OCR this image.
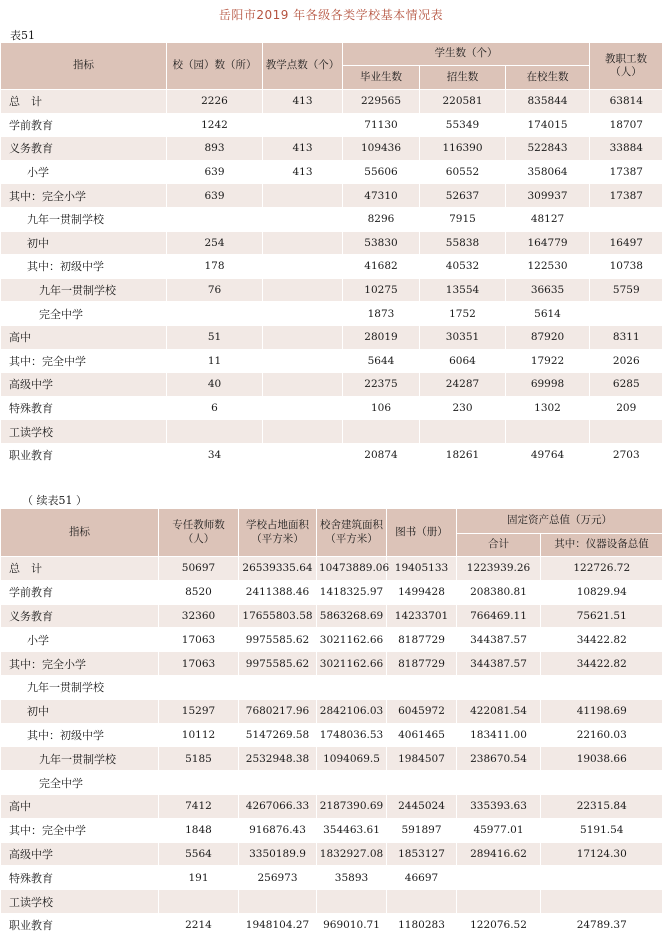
岳阳市2019 年各级各类学校基本情况表
表51
指标	校（园）数（所）	教学点数（个）	学生数（个）			教职工数（人）
			毕业生数	招生数	在校生数	
总　计	2226	413	229565	220581	835844	63814
学前教育	1242		71130	55349	174015	18707
义务教育	893	413	109436	116390	522843	33884
小学	639	413	55606	60552	358064	17387
其中：完全小学	639		47310	52637	309937	17387
九年一贯制学校			8296	7915	48127	
初中	254		53830	55838	164779	16497
其中：初级中学	178		41682	40532	122530	10738
九年一贯制学校	76		10275	13554	36635	5759
完全中学			1873	1752	5614	
高中	51		28019	30351	87920	8311
其中：完全中学	11		5644	6064	17922	2026
高级中学	40		22375	24287	69998	6285
特殊教育	6		106	230	1302	209
工读学校						
职业教育	34		20874	18261	49764	2703
（ 续表51 ）
指标	专任教师数（人）	学校占地面积（平方米）	校舍建筑面积（平方米）	图书（册）	固定资产总值（万元）	
					合计	其中：仪器设备总值
总　计	50697	26539335.64	10473889.06	19405133	1223939.26	122726.72
学前教育	8520	2411388.46	1418325.97	1499428	208380.81	10829.94
义务教育	32360	17655803.58	5863268.69	14233701	766469.11	75621.51
小学	17063	9975585.62	3021162.66	8187729	344387.57	34422.82
其中：完全小学	17063	9975585.62	3021162.66	8187729	344387.57	34422.82
九年一贯制学校						
初中	15297	7680217.96	2842106.03	6045972	422081.54	41198.69
其中：初级中学	10112	5147269.58	1748036.53	4061465	183411.00	22160.03
九年一贯制学校	5185	2532948.38	1094069.5	1984507	238670.54	19038.66
完全中学						
高中	7412	4267066.33	2187390.69	2445024	335393.63	22315.84
其中：完全中学	1848	916876.43	354463.61	591897	45977.01	5191.54
高级中学	5564	3350189.9	1832927.08	1853127	289416.62	17124.30
特殊教育	191	256973	35893	46697		
工读学校						
职业教育	2214	1948104.27	969010.71	1180283	122076.52	24789.37
